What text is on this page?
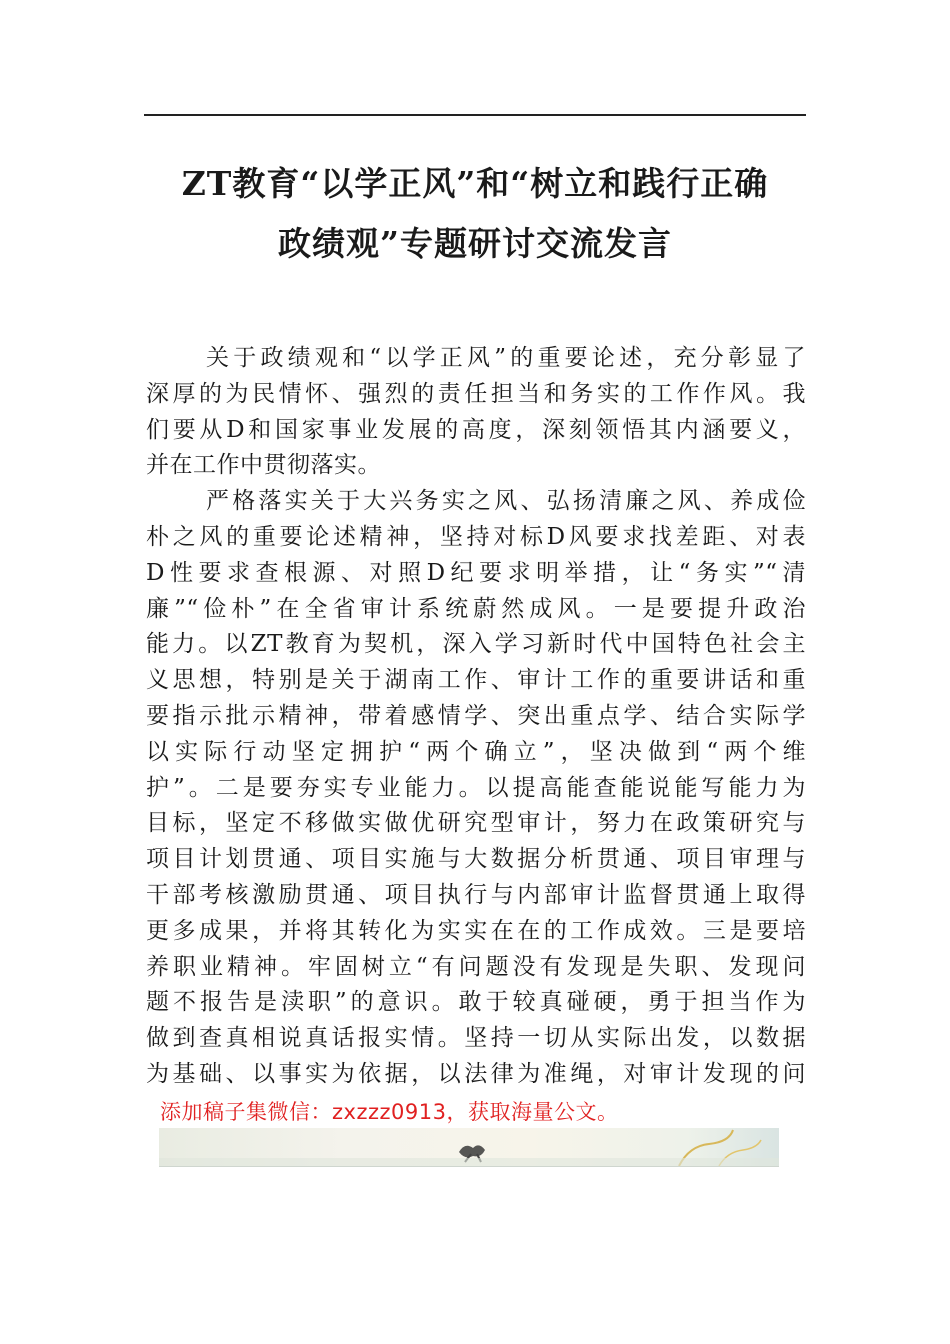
ZT教育“以学正风”和“树立和践行正确
政绩观”专题研讨交流发言
关于政绩观和“以学正风”的重要论述，充分彰显了
深厚的为民情怀、强烈的责任担当和务实的工作作风。我
们要从D和国家事业发展的高度，深刻领悟其内涵要义，
并在工作中贯彻落实。
严格落实关于大兴务实之风、弘扬清廉之风、养成俭
朴之风的重要论述精神，坚持对标D风要求找差距、对表
D性要求查根源、对照D纪要求明举措，让“务实”“清
廉”“俭朴”在全省审计系统蔚然成风。一是要提升政治
能力。以ZT教育为契机，深入学习新时代中国特色社会主
义思想，特别是关于湖南工作、审计工作的重要讲话和重
要指示批示精神，带着感情学、突出重点学、结合实际学
以实际行动坚定拥护“两个确立”，坚决做到“两个维
护”。二是要夯实专业能力。以提高能查能说能写能力为
目标，坚定不移做实做优研究型审计，努力在政策研究与
项目计划贯通、项目实施与大数据分析贯通、项目审理与
干部考核激励贯通、项目执行与内部审计监督贯通上取得
更多成果，并将其转化为实实在在的工作成效。三是要培
养职业精神。牢固树立“有问题没有发现是失职、发现问
题不报告是渎职”的意识。敢于较真碰硬，勇于担当作为
做到查真相说真话报实情。坚持一切从实际出发，以数据
为基础、以事实为依据，以法律为准绳，对审计发现的问
添加稿子集微信：zxzzz0913，获取海量公文。
